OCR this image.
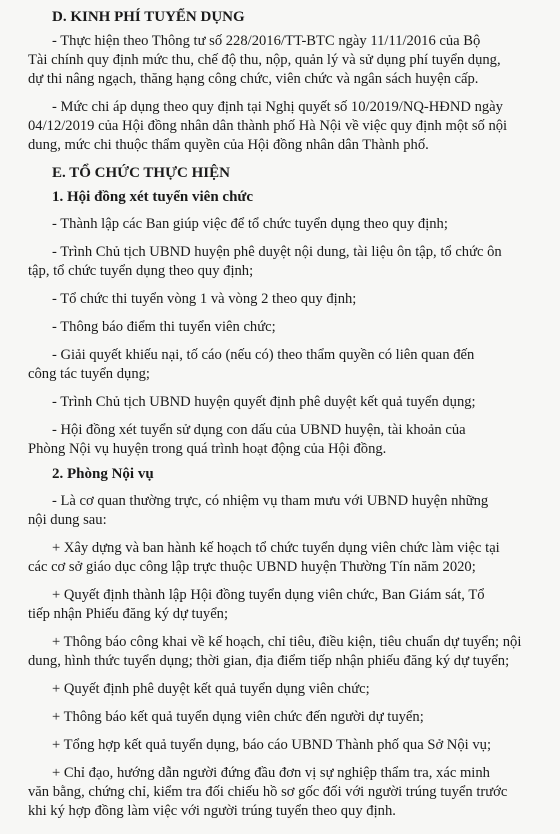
D. KINH PHÍ TUYỂN DỤNG
- Thực hiện theo Thông tư số 228/2016/TT-BTC ngày 11/11/2016 của Bộ
Tài chính quy định mức thu, chế độ thu, nộp, quản lý và sử dụng phí tuyển dụng,
dự thi nâng ngạch, thăng hạng công chức, viên chức và ngân sách huyện cấp.
- Mức chi áp dụng theo quy định tại Nghị quyết số 10/2019/NQ-HĐND ngày
04/12/2019 của Hội đồng nhân dân thành phố Hà Nội về việc quy định một số nội
dung, mức chi thuộc thẩm quyền của Hội đồng nhân dân Thành phố.
E. TỔ CHỨC THỰC HIỆN
1. Hội đồng xét tuyển viên chức
- Thành lập các Ban giúp việc để tổ chức tuyển dụng theo quy định;
- Trình Chủ tịch UBND huyện phê duyệt nội dung, tài liệu ôn tập, tổ chức ôn
tập, tổ chức tuyển dụng theo quy định;
- Tổ chức thi tuyển vòng 1 và vòng 2 theo quy định;
- Thông báo điểm thi tuyển viên chức;
- Giải quyết khiếu nại, tố cáo (nếu có) theo thẩm quyền có liên quan đến
công tác tuyển dụng;
- Trình Chủ tịch UBND huyện quyết định phê duyệt kết quả tuyển dụng;
- Hội đồng xét tuyển sử dụng con dấu của UBND huyện, tài khoản của
Phòng Nội vụ huyện trong quá trình hoạt động của Hội đồng.
2. Phòng Nội vụ
- Là cơ quan thường trực, có nhiệm vụ tham mưu với UBND huyện những
nội dung sau:
+ Xây dựng và ban hành kế hoạch tổ chức tuyển dụng viên chức làm việc tại
các cơ sở giáo dục công lập trực thuộc UBND huyện Thường Tín năm 2020;
+ Quyết định thành lập Hội đồng tuyển dụng viên chức, Ban Giám sát, Tổ
tiếp nhận Phiếu đăng ký dự tuyển;
+ Thông báo công khai về kế hoạch, chỉ tiêu, điều kiện, tiêu chuẩn dự tuyển; nội
dung, hình thức tuyển dụng; thời gian, địa điểm tiếp nhận phiếu đăng ký dự tuyển;
+ Quyết định phê duyệt kết quả tuyển dụng viên chức;
+ Thông báo kết quả tuyển dụng viên chức đến người dự tuyển;
+ Tổng hợp kết quả tuyển dụng, báo cáo UBND Thành phố qua Sở Nội vụ;
+ Chỉ đạo, hướng dẫn người đứng đầu đơn vị sự nghiệp thẩm tra, xác minh
văn bằng, chứng chỉ, kiểm tra đối chiếu hồ sơ gốc đối với người trúng tuyển trước
khi ký hợp đồng làm việc với người trúng tuyển theo quy định.
